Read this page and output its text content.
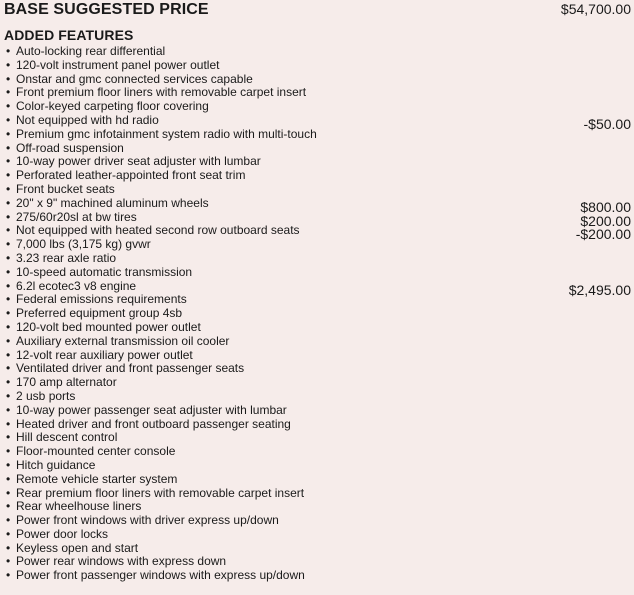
BASE SUGGESTED PRICE	$54,700.00
ADDED FEATURES
• Auto-locking rear differential
• 120-volt instrument panel power outlet
• Onstar and gmc connected services capable
• Front premium floor liners with removable carpet insert
• Color-keyed carpeting floor covering
• Not equipped with hd radio	-$50.00
• Premium gmc infotainment system radio with multi-touch
• Off-road suspension
• 10-way power driver seat adjuster with lumbar
• Perforated leather-appointed front seat trim
• Front bucket seats
• 20" x 9" machined aluminum wheels	$800.00
• 275/60r20sl at bw tires	$200.00
• Not equipped with heated second row outboard seats	-$200.00
• 7,000 lbs (3,175 kg) gvwr
• 3.23 rear axle ratio
• 10-speed automatic transmission
• 6.2l ecotec3 v8 engine	$2,495.00
• Federal emissions requirements
• Preferred equipment group 4sb
• 120-volt bed mounted power outlet
• Auxiliary external transmission oil cooler
• 12-volt rear auxiliary power outlet
• Ventilated driver and front passenger seats
• 170 amp alternator
• 2 usb ports
• 10-way power passenger seat adjuster with lumbar
• Heated driver and front outboard passenger seating
• Hill descent control
• Floor-mounted center console
• Hitch guidance
• Remote vehicle starter system
• Rear premium floor liners with removable carpet insert
• Rear wheelhouse liners
• Power front windows with driver express up/down
• Power door locks
• Keyless open and start
• Power rear windows with express down
• Power front passenger windows with express up/down
